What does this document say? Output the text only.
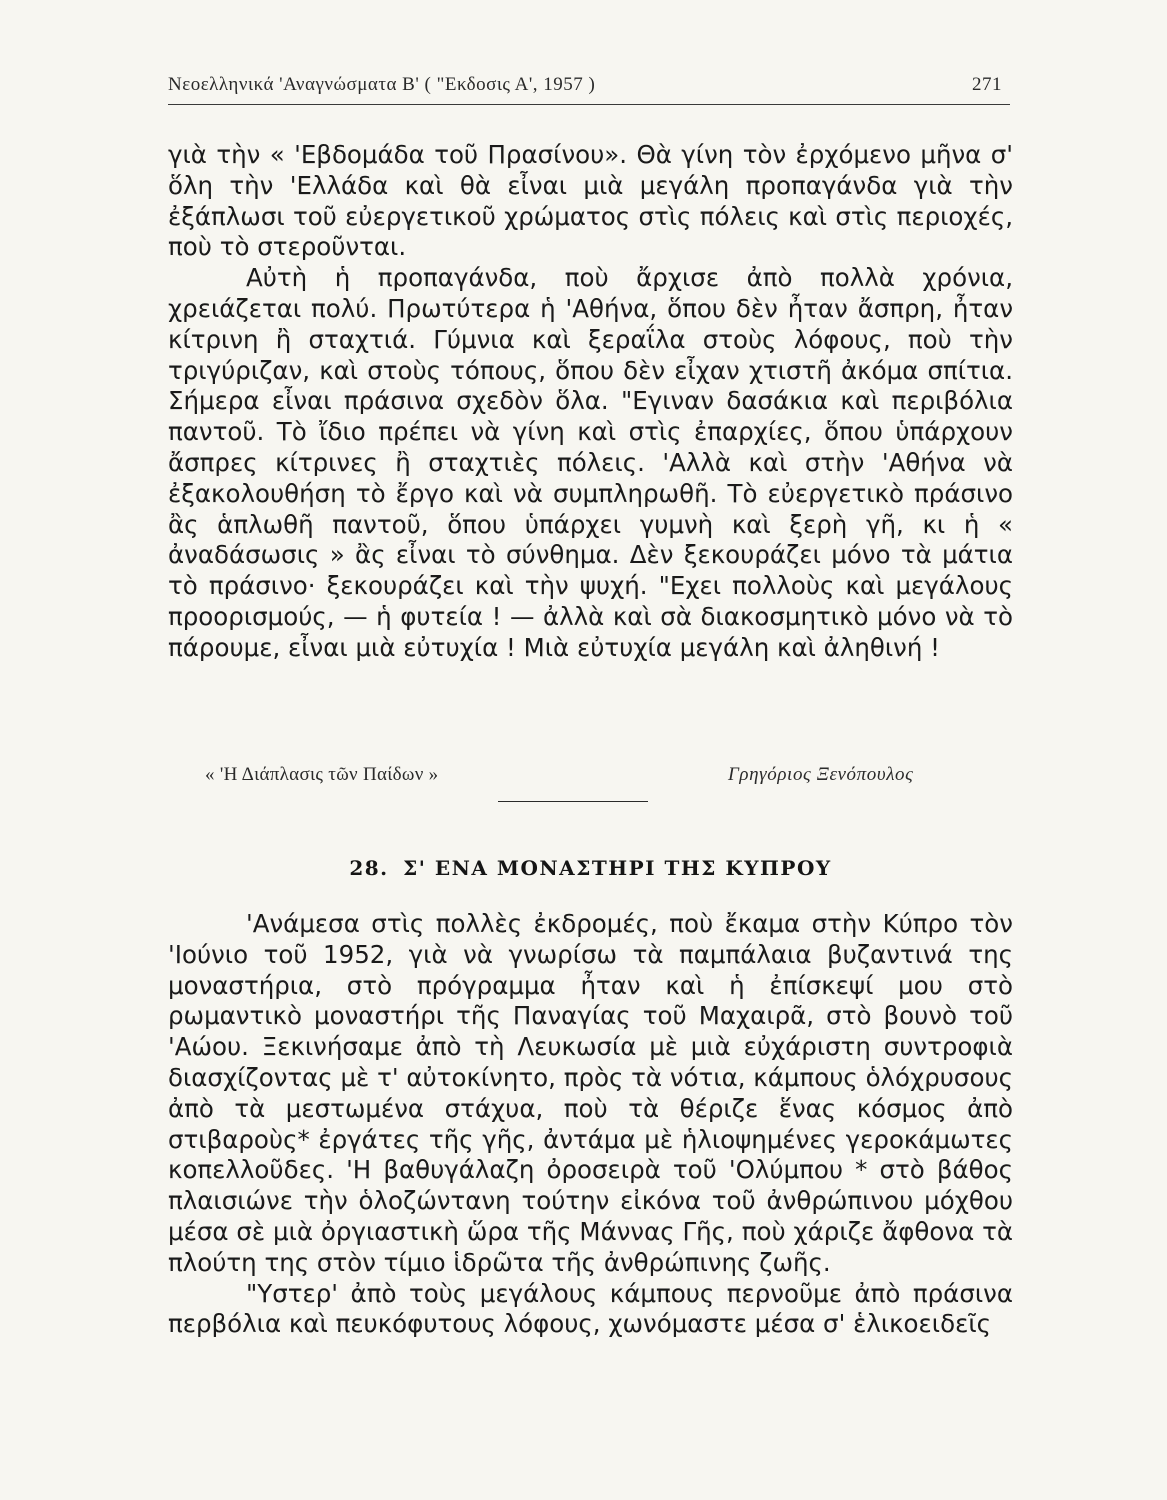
Νεοελληνικά 'Αναγνώσματα Β' ( "Εκδοσις Α', 1957 )	271

γιὰ τὴν « 'Εβδομάδα τοῦ Πρασίνου». Θὰ γίνη τὸν ἐρχόμενο μῆνα σ' ὅλη τὴν 'Ελλάδα καὶ θὰ εἶναι μιὰ μεγάλη προπαγάνδα γιὰ τὴν ἐξάπλωσι τοῦ εὐεργετικοῦ χρώματος στὶς πόλεις καὶ στὶς περιοχές, ποὺ τὸ στεροῦνται.

Αὐτὴ ἡ προπαγάνδα, ποὺ ἄρχισε ἀπὸ πολλὰ χρόνια, χρειάζεται πολύ. Πρωτύτερα ἡ 'Αθήνα, ὅπου δὲν ἦταν ἄσπρη, ἦταν κίτρινη ἢ σταχτιά. Γύμνια καὶ ξεραΐλα στοὺς λόφους, ποὺ τὴν τριγύριζαν, καὶ στοὺς τόπους, ὅπου δὲν εἶχαν χτιστῆ ἀκόμα σπίτια. Σήμερα εἶναι πράσινα σχεδὸν ὅλα. "Εγιναν δασάκια καὶ περιβόλια παντοῦ. Τὸ ἴδιο πρέπει νὰ γίνη καὶ στὶς ἐπαρχίες, ὅπου ὑπάρχουν ἄσπρες κίτρινες ἢ σταχτιὲς πόλεις. 'Αλλὰ καὶ στὴν 'Αθήνα νὰ ἐξακολουθήση τὸ ἔργο καὶ νὰ συμπληρωθῆ. Τὸ εὐεργετικὸ πράσινο ἂς ἁπλωθῆ παντοῦ, ὅπου ὑπάρχει γυμνὴ καὶ ξερὴ γῆ, κι ἡ « ἀναδάσωσις » ἂς εἶναι τὸ σύνθημα. Δὲν ξεκουράζει μόνο τὰ μάτια τὸ πράσινο· ξεκουράζει καὶ τὴν ψυχή. "Εχει πολλοὺς καὶ μεγάλους προορισμούς, — ἡ φυτεία ! — ἀλλὰ καὶ σὰ διακοσμητικὸ μόνο νὰ τὸ πάρουμε, εἶναι μιὰ εὐτυχία ! Μιὰ εὐτυχία μεγάλη καὶ ἀληθινή !

« 'Η Διάπλασις τῶν Παίδων »	Γρηγόριος Ξενόπουλος
28. Σ' ΕΝΑ ΜΟΝΑΣΤΗΡΙ ΤΗΣ ΚΥΠΡΟΥ

'Ανάμεσα στὶς πολλὲς ἐκδρομές, ποὺ ἔκαμα στὴν Κύπρο τὸν 'Ιούνιο τοῦ 1952, γιὰ νὰ γνωρίσω τὰ παμπάλαια βυζαντινά της μοναστήρια, στὸ πρόγραμμα ἦταν καὶ ἡ ἐπίσκεψί μου στὸ ρωμαντικὸ μοναστήρι τῆς Παναγίας τοῦ Μαχαιρᾶ, στὸ βουνὸ τοῦ 'Αώου. Ξεκινήσαμε ἀπὸ τὴ Λευκωσία μὲ μιὰ εὐχάριστη συντροφιὰ διασχίζοντας μὲ τ' αὐτοκίνητο, πρὸς τὰ νότια, κάμπους ὁλόχρυσους ἀπὸ τὰ μεστωμένα στάχυα, ποὺ τὰ θέριζε ἕνας κόσμος ἀπὸ στιβαροὺς* ἐργάτες τῆς γῆς, ἀντάμα μὲ ἡλιοψημένες γεροκάμωτες κοπελλοῦδες. 'Η βαθυγάλαζη ὀροσειρὰ τοῦ 'Ολύμπου * στὸ βάθος πλαισιώνε τὴν ὁλοζώντανη τούτην εἰκόνα τοῦ ἀνθρώπινου μόχθου μέσα σὲ μιὰ ὀργιαστικὴ ὥρα τῆς Μάννας Γῆς, ποὺ χάριζε ἄφθονα τὰ πλούτη της στὸν τίμιο ἱδρῶτα τῆς ἀνθρώπινης ζωῆς.

"Υστερ' ἀπὸ τοὺς μεγάλους κάμπους περνοῦμε ἀπὸ πράσινα περβόλια καὶ πευκόφυτους λόφους, χωνόμαστε μέσα σ' ἑλικοειδεῖς
